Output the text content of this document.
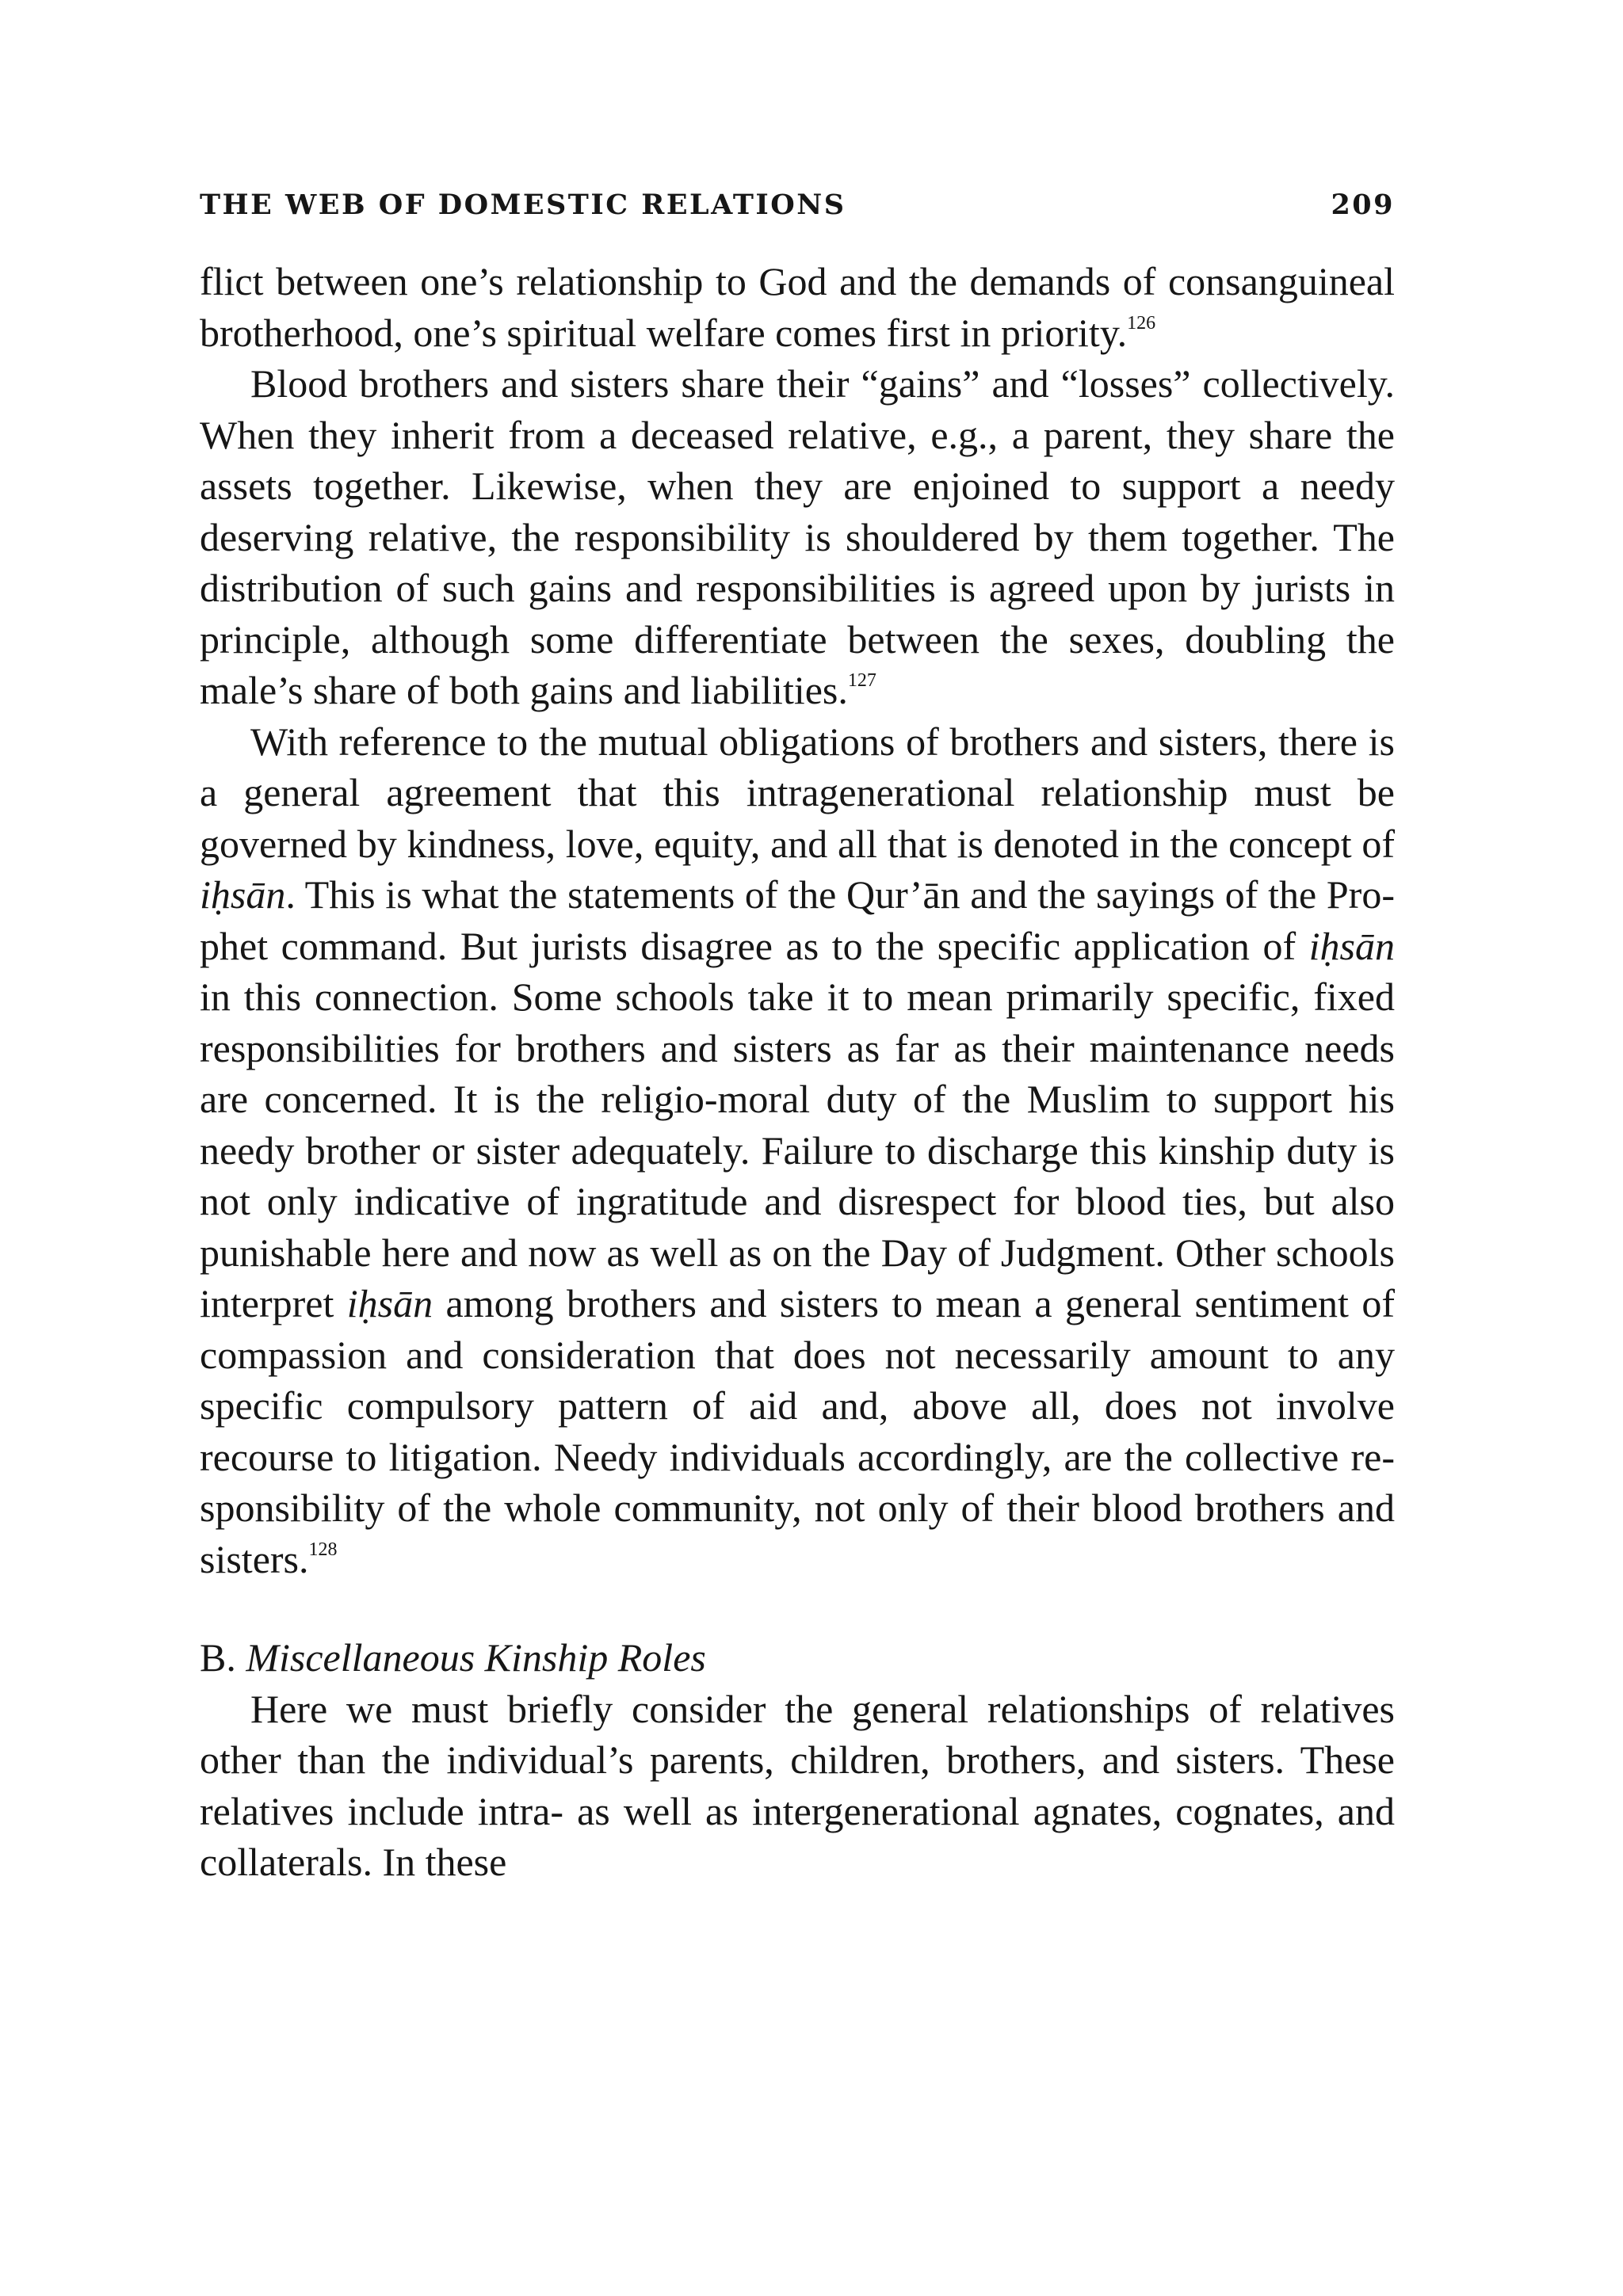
THE WEB OF DOMESTIC RELATIONS	209

flict between one’s relationship to God and the demands of consanguineal brotherhood, one’s spiritual welfare comes first in priority.$^{126}$

Blood brothers and sisters share their “gains” and “losses” collectively. When they inherit from a deceased relative, e.g., a parent, they share the assets together. Likewise, when they are enjoined to support a needy deserving relative, the responsibility is shouldered by them together. The distribution of such gains and responsibilities is agreed upon by jurists in principle, although some differentiate between the sexes, doubling the male’s share of both gains and liabilities.$^{127}$

With reference to the mutual obligations of brothers and sisters, there is a general agreement that this intragenerational relationship must be governed by kindness, love, equity, and all that is denoted in the concept of iḥsān. This is what the statements of the Qur’ān and the sayings of the Prophet command. But jurists disagree as to the specific application of iḥsān in this connection. Some schools take it to mean primarily specific, fixed responsibilities for brothers and sisters as far as their maintenance needs are concerned. It is the religio-moral duty of the Muslim to support his needy brother or sister adequately. Failure to discharge this kinship duty is not only indicative of ingratitude and disrespect for blood ties, but also punishable here and now as well as on the Day of Judgment. Other schools interpret iḥsān among brothers and sisters to mean a general sentiment of compassion and consideration that does not necessarily amount to any specific compulsory pattern of aid and, above all, does not involve recourse to litigation. Needy individuals accordingly, are the collective responsibility of the whole community, not only of their blood brothers and sisters.$^{128}$

B. Miscellaneous Kinship Roles

Here we must briefly consider the general relationships of relatives other than the individual’s parents, children, brothers, and sisters. These relatives include intra- as well as intergenerational agnates, cognates, and collaterals. In these
